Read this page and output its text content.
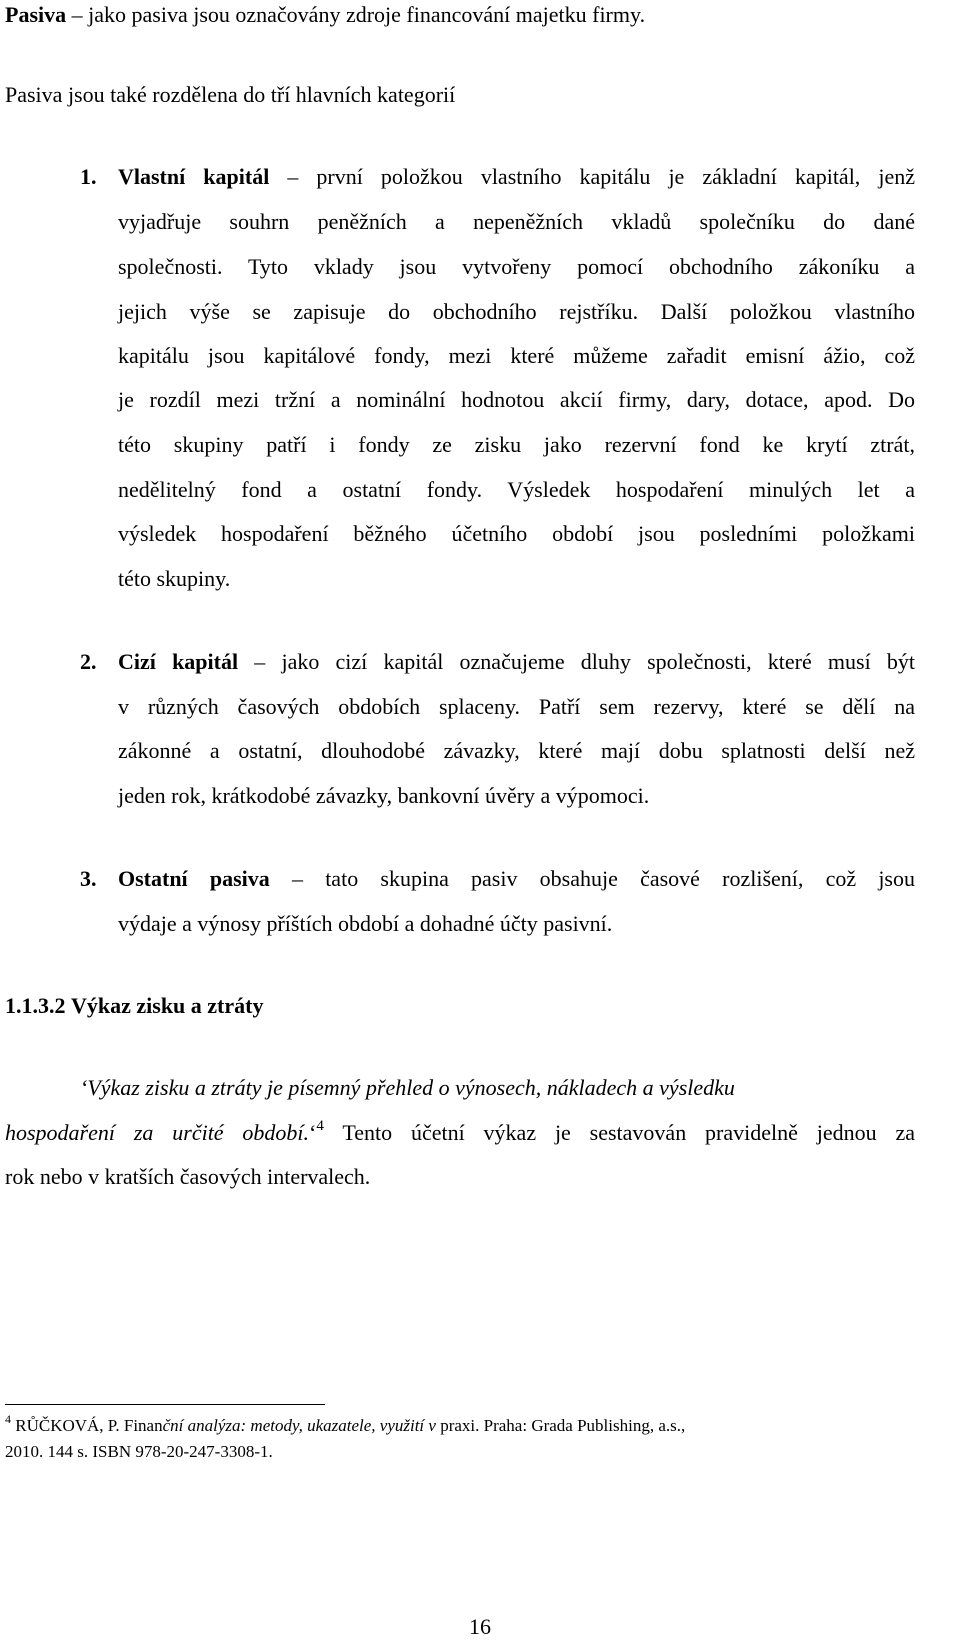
Pasiva – jako pasiva jsou označovány zdroje financování majetku firmy.
Pasiva jsou také rozdělena do tří hlavních kategorií
1. Vlastní kapitál – první položkou vlastního kapitálu je základní kapitál, jenž
vyjadřuje souhrn peněžních a nepeněžních vkladů společníku do dané
společnosti. Tyto vklady jsou vytvořeny pomocí obchodního zákoníku a
jejich výše se zapisuje do obchodního rejstříku. Další položkou vlastního
kapitálu jsou kapitálové fondy, mezi které můžeme zařadit emisní ážio, což
je rozdíl mezi tržní a nominální hodnotou akcií firmy, dary, dotace, apod. Do
této skupiny patří i fondy ze zisku jako rezervní fond ke krytí ztrát,
nedělitelný fond a ostatní fondy. Výsledek hospodaření minulých let a
výsledek hospodaření běžného účetního období jsou posledními položkami
této skupiny.
2. Cizí kapitál – jako cizí kapitál označujeme dluhy společnosti, které musí být
v různých časových obdobích splaceny. Patří sem rezervy, které se dělí na
zákonné a ostatní, dlouhodobé závazky, které mají dobu splatnosti delší než
jeden rok, krátkodobé závazky, bankovní úvěry a výpomoci.
3. Ostatní pasiva – tato skupina pasiv obsahuje časové rozlišení, což jsou
výdaje a výnosy příštích období a dohadné účty pasivní.
1.1.3.2 Výkaz zisku a ztráty
‘Výkaz zisku a ztráty je písemný přehled o výnosech, nákladech a výsledku
hospodaření za určité období.‘$^4$ Tento účetní výkaz je sestavován pravidelně jednou za
rok nebo v kratších časových intervalech.
$^4$ RŮČKOVÁ, P. Finanční analýza: metody, ukazatele, využití v praxi. Praha: Grada Publishing, a.s.,
2010. 144 s. ISBN 978-20-247-3308-1.
16
